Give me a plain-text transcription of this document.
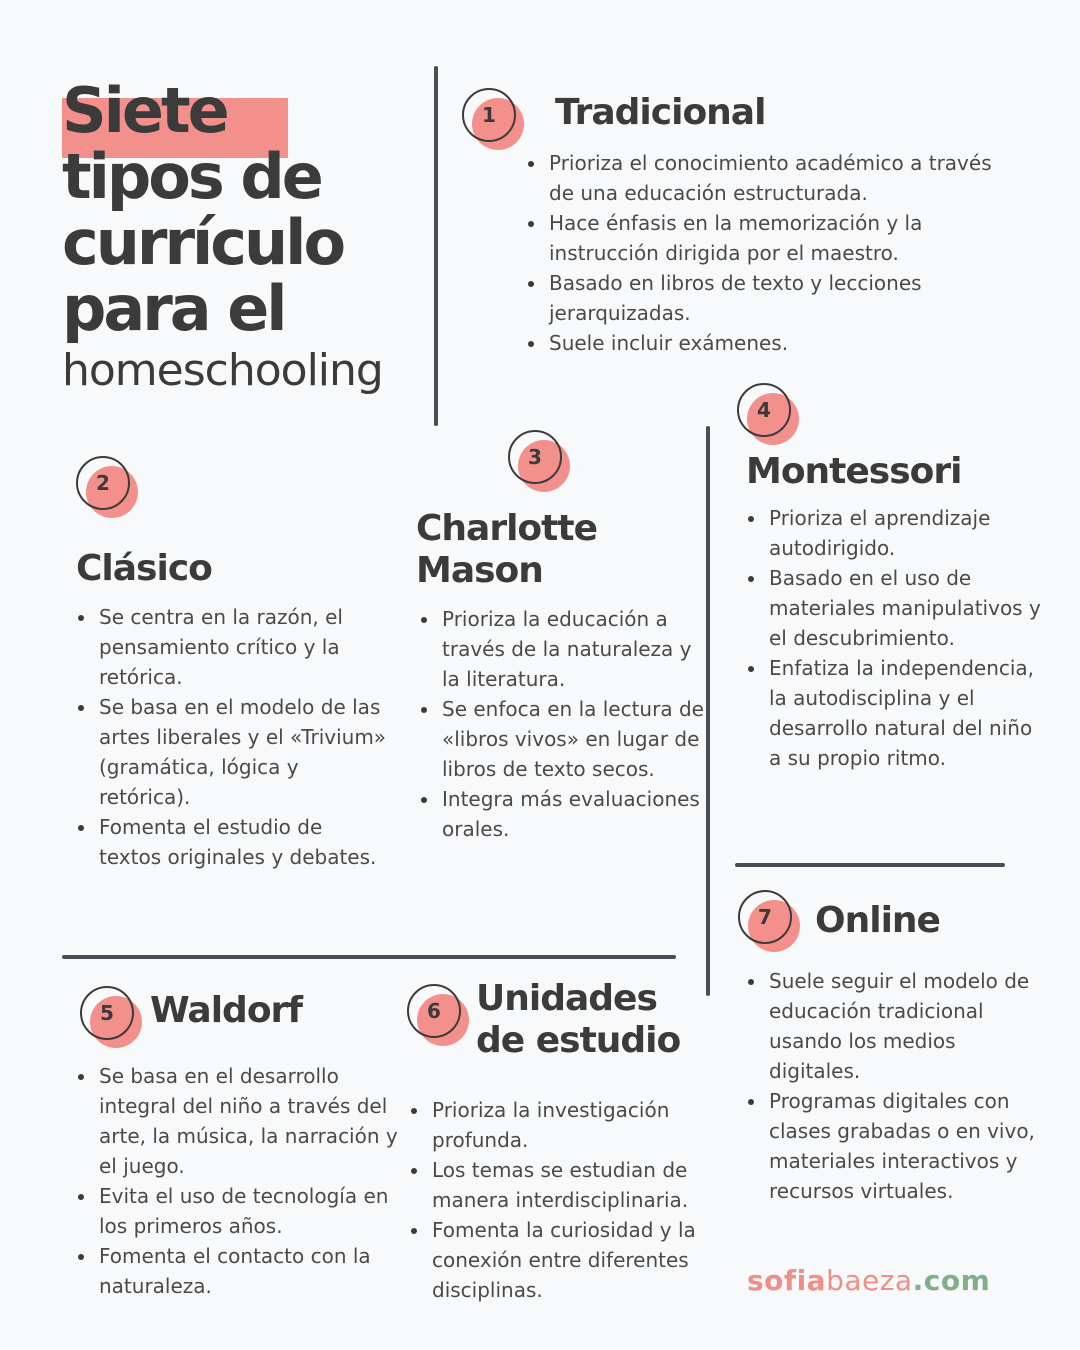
Siete
tipos de
currículo
para el
homeschooling
1	Tradicional
Prioriza el conocimiento académico a través de una educación estructurada.
Hace énfasis en la memorización y la instrucción dirigida por el maestro.
Basado en libros de texto y lecciones jerarquizadas.
Suele incluir exámenes.
2
Clásico
Se centra en la razón, el pensamiento crítico y la retórica.
Se basa en el modelo de las artes liberales y el «Trivium» (gramática, lógica y retórica).
Fomenta el estudio de textos originales y debates.
3
Charlotte
Mason
Prioriza la educación a través de la naturaleza y la literatura.
Se enfoca en la lectura de «libros vivos» en lugar de libros de texto secos.
Integra más evaluaciones orales.
4
Montessori
Prioriza el aprendizaje autodirigido.
Basado en el uso de materiales manipulativos y el descubrimiento.
Enfatiza la independencia, la autodisciplina y el desarrollo natural del niño a su propio ritmo.
5	Waldorf
Se basa en el desarrollo integral del niño a través del arte, la música, la narración y el juego.
Evita el uso de tecnología en los primeros años.
Fomenta el contacto con la naturaleza.
6 Unidades
de estudio
Prioriza la investigación profunda.
Los temas se estudian de manera interdisciplinaria.
Fomenta la curiosidad y la conexión entre diferentes disciplinas.
7	Online
Suele seguir el modelo de educación tradicional usando los medios digitales.
Programas digitales con clases grabadas o en vivo, materiales interactivos y recursos virtuales.
sofiabaeza.com
